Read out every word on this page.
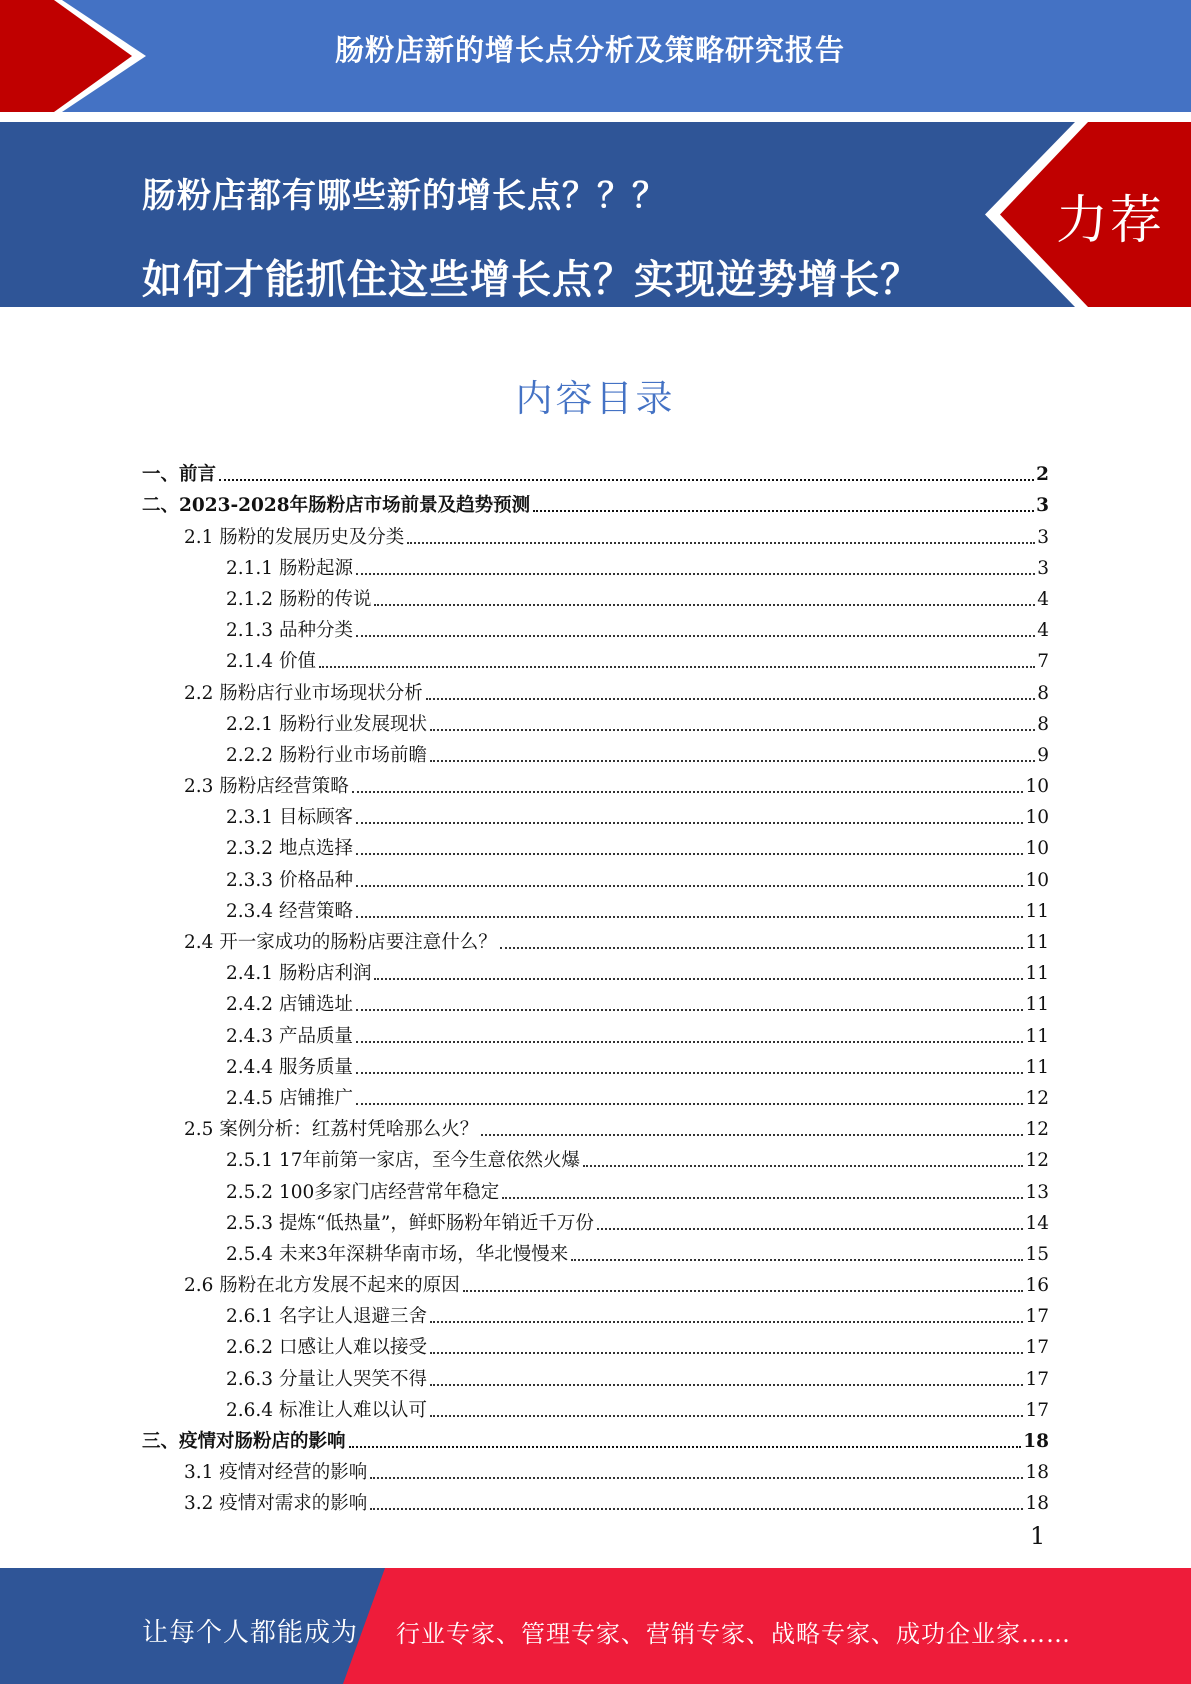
肠粉店新的增长点分析及策略研究报告
肠粉店都有哪些新的增长点？？？
如何才能抓住这些增长点？实现逆势增长？
力荐
内容目录
一、前言	2
二、2023-2028年肠粉店市场前景及趋势预测	3
2.1 肠粉的发展历史及分类	3
2.1.1 肠粉起源	3
2.1.2 肠粉的传说	4
2.1.3 品种分类	4
2.1.4 价值	7
2.2 肠粉店行业市场现状分析	8
2.2.1 肠粉行业发展现状	8
2.2.2 肠粉行业市场前瞻	9
2.3 肠粉店经营策略	10
2.3.1 目标顾客	10
2.3.2 地点选择	10
2.3.3 价格品种	10
2.3.4 经营策略	11
2.4 开一家成功的肠粉店要注意什么？	11
2.4.1 肠粉店利润	11
2.4.2 店铺选址	11
2.4.3 产品质量	11
2.4.4 服务质量	11
2.4.5 店铺推广	12
2.5 案例分析：红荔村凭啥那么火？	12
2.5.1 17年前第一家店，至今生意依然火爆	12
2.5.2 100多家门店经营常年稳定	13
2.5.3 提炼“低热量”，鲜虾肠粉年销近千万份	14
2.5.4 未来3年深耕华南市场，华北慢慢来	15
2.6 肠粉在北方发展不起来的原因	16
2.6.1 名字让人退避三舍	17
2.6.2 口感让人难以接受	17
2.6.3 分量让人哭笑不得	17
2.6.4 标准让人难以认可	17
三、疫情对肠粉店的影响	18
3.1 疫情对经营的影响	18
3.2 疫情对需求的影响	18
1
让每个人都能成为 行业专家、管理专家、营销专家、战略专家、成功企业家……
